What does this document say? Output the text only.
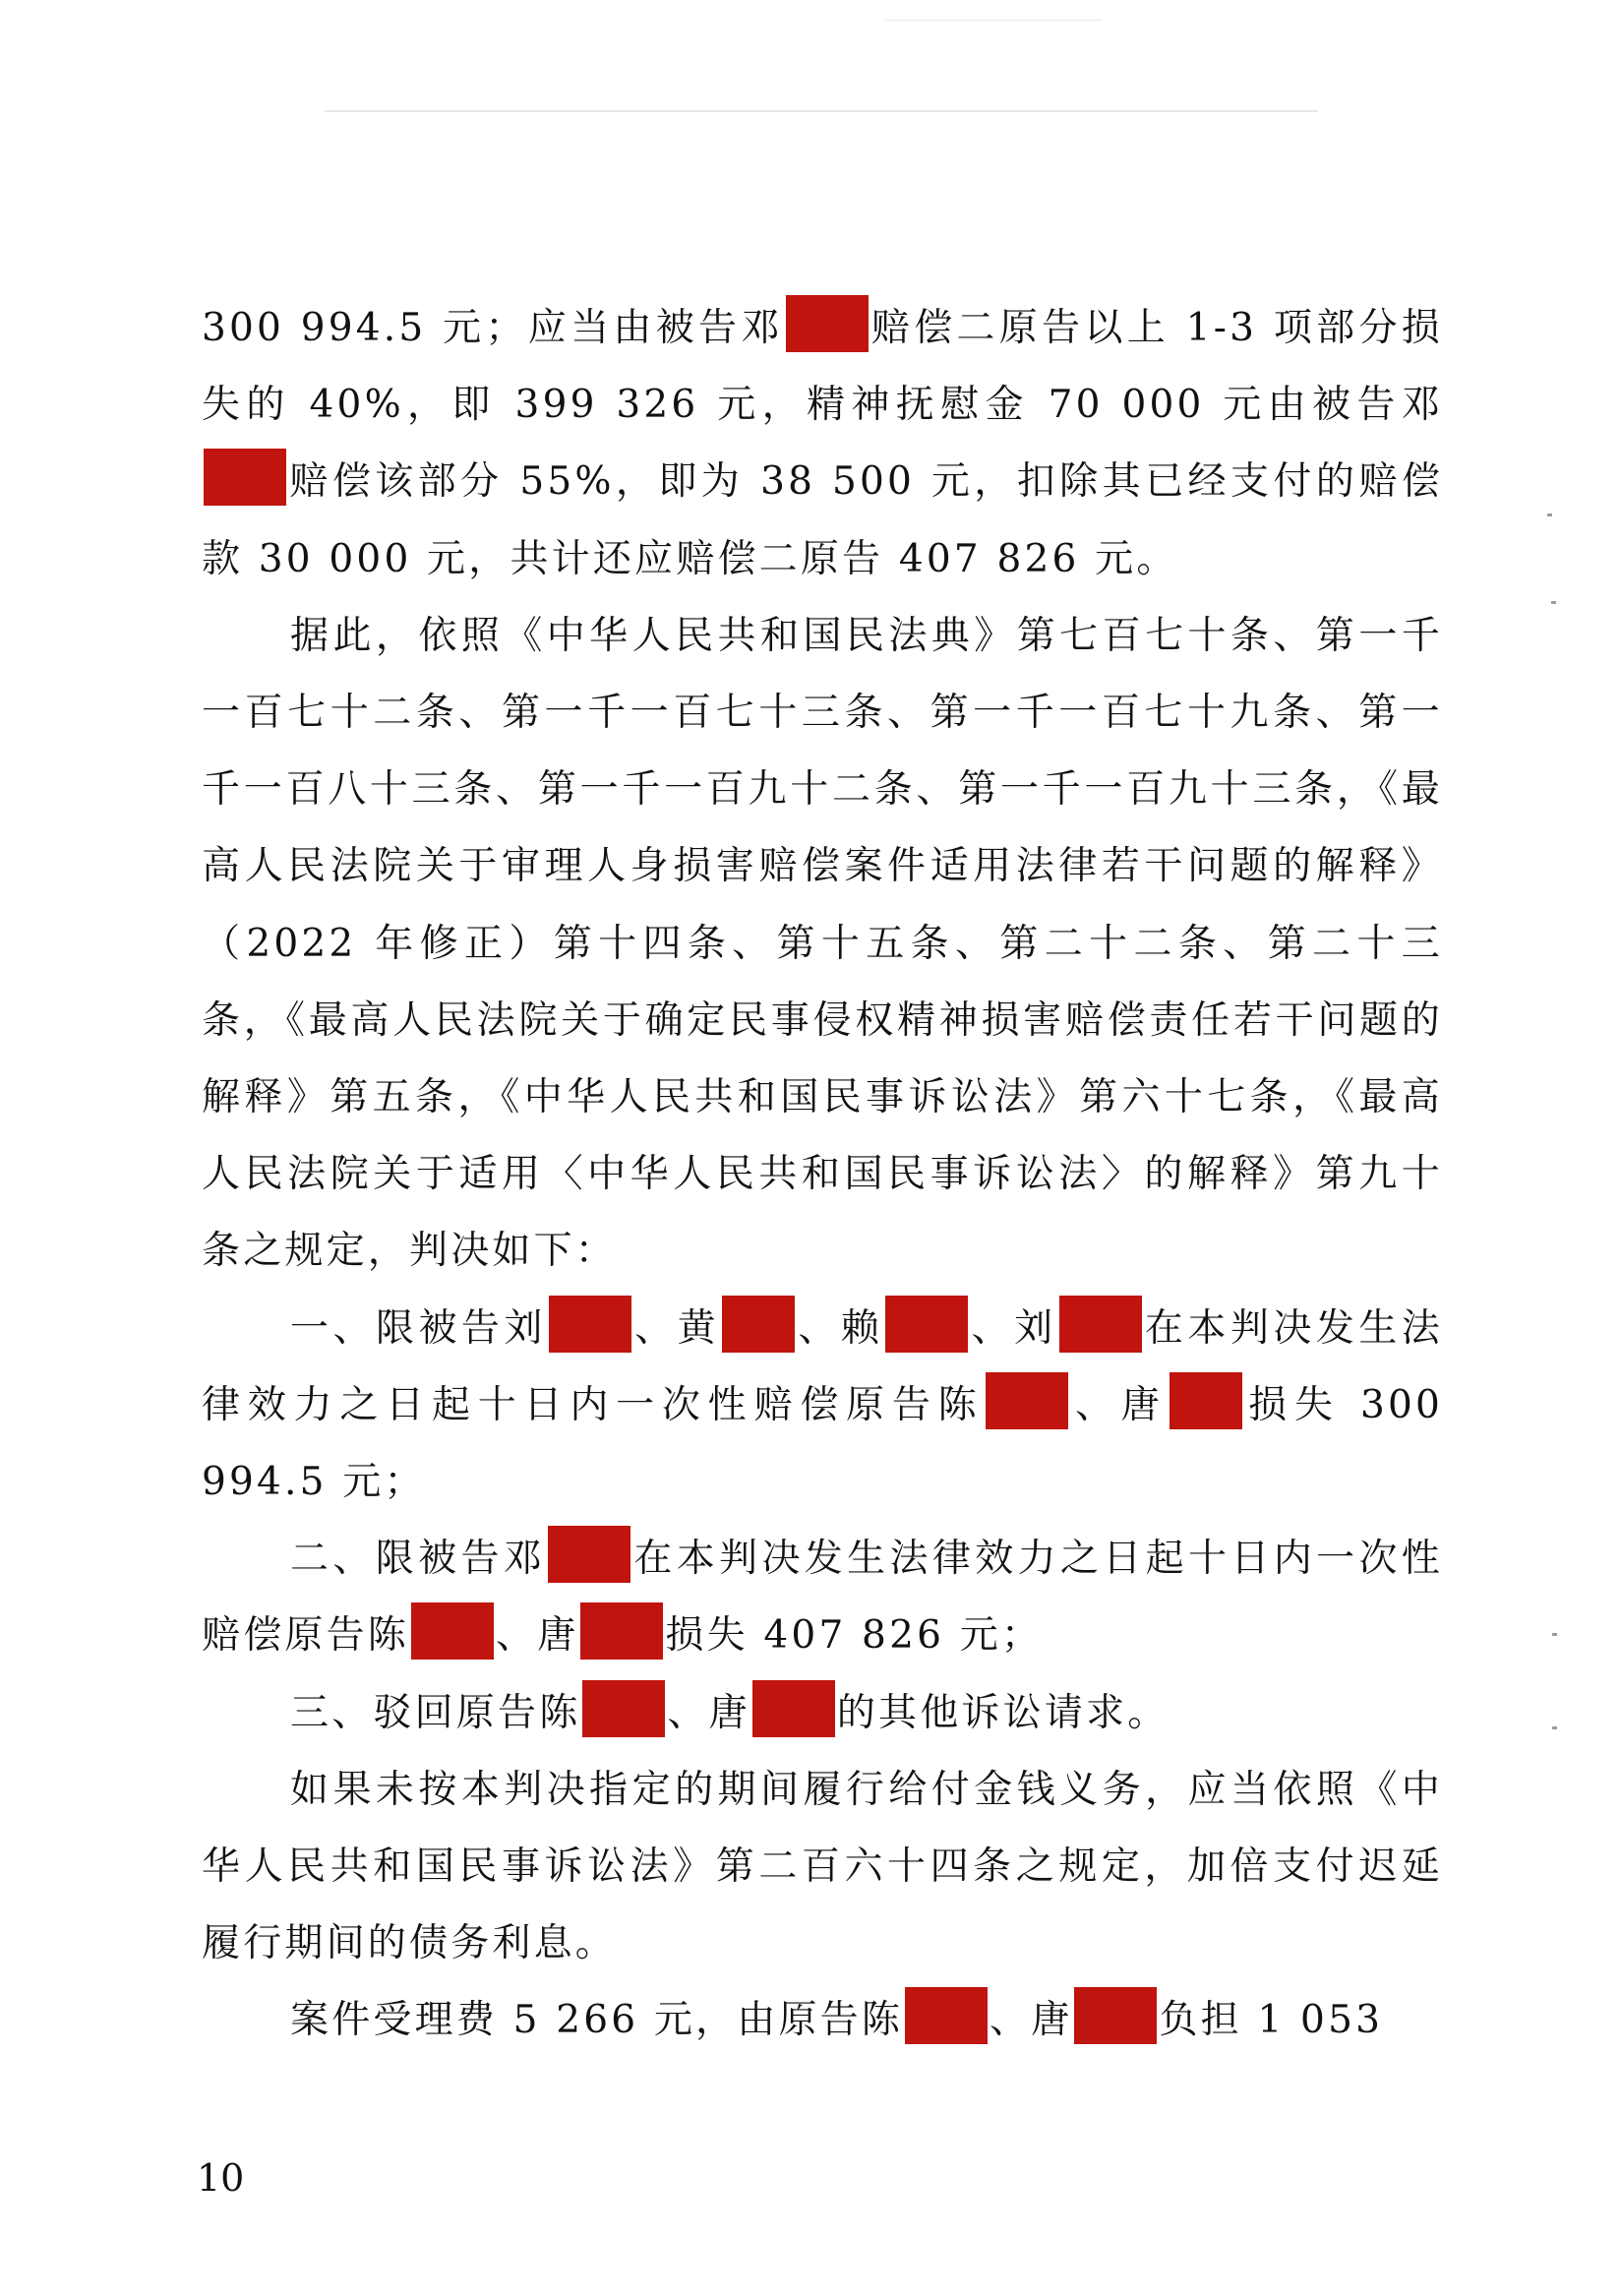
300 994.5 元；应当由被告邓 赔偿二原告以上 1-3 项部分损失的 40%，即 399 326 元，精神抚慰金 70 000 元由被告邓赔偿该部分 55%，即为 38 500 元，扣除其已经支付的赔偿款 30 000 元，共计还应赔偿二原告 407 826 元。

据此，依照《中华人民共和国民法典》第七百七十条、第一千一百七十二条、第一千一百七十三条、第一千一百七十九条、第一千一百八十三条、第一千一百九十二条、第一千一百九十三条，《最高人民法院关于审理人身损害赔偿案件适用法律若干问题的解释》（2022 年修正）第十四条、第十五条、第二十二条、第二十三条，《最高人民法院关于确定民事侵权精神损害赔偿责任若干问题的解释》第五条，《中华人民共和国民事诉讼法》第六十七条，《最高人民法院关于适用〈中华人民共和国民事诉讼法〉的解释》第九十条之规定，判决如下：

一、限被告刘 、黄 、赖 、刘 在本判决发生法律效力之日起十日内一次性赔偿原告陈 、唐 损失 300 994.5 元；

二、限被告邓 在本判决发生法律效力之日起十日内一次性赔偿原告陈 、唐 损失 407 826 元；

三、驳回原告陈 、唐 的其他诉讼请求。

如果未按本判决指定的期间履行给付金钱义务，应当依照《中华人民共和国民事诉讼法》第二百六十四条之规定，加倍支付迟延履行期间的债务利息。

案件受理费 5 266 元，由原告陈 、唐 负担 1 053

10
